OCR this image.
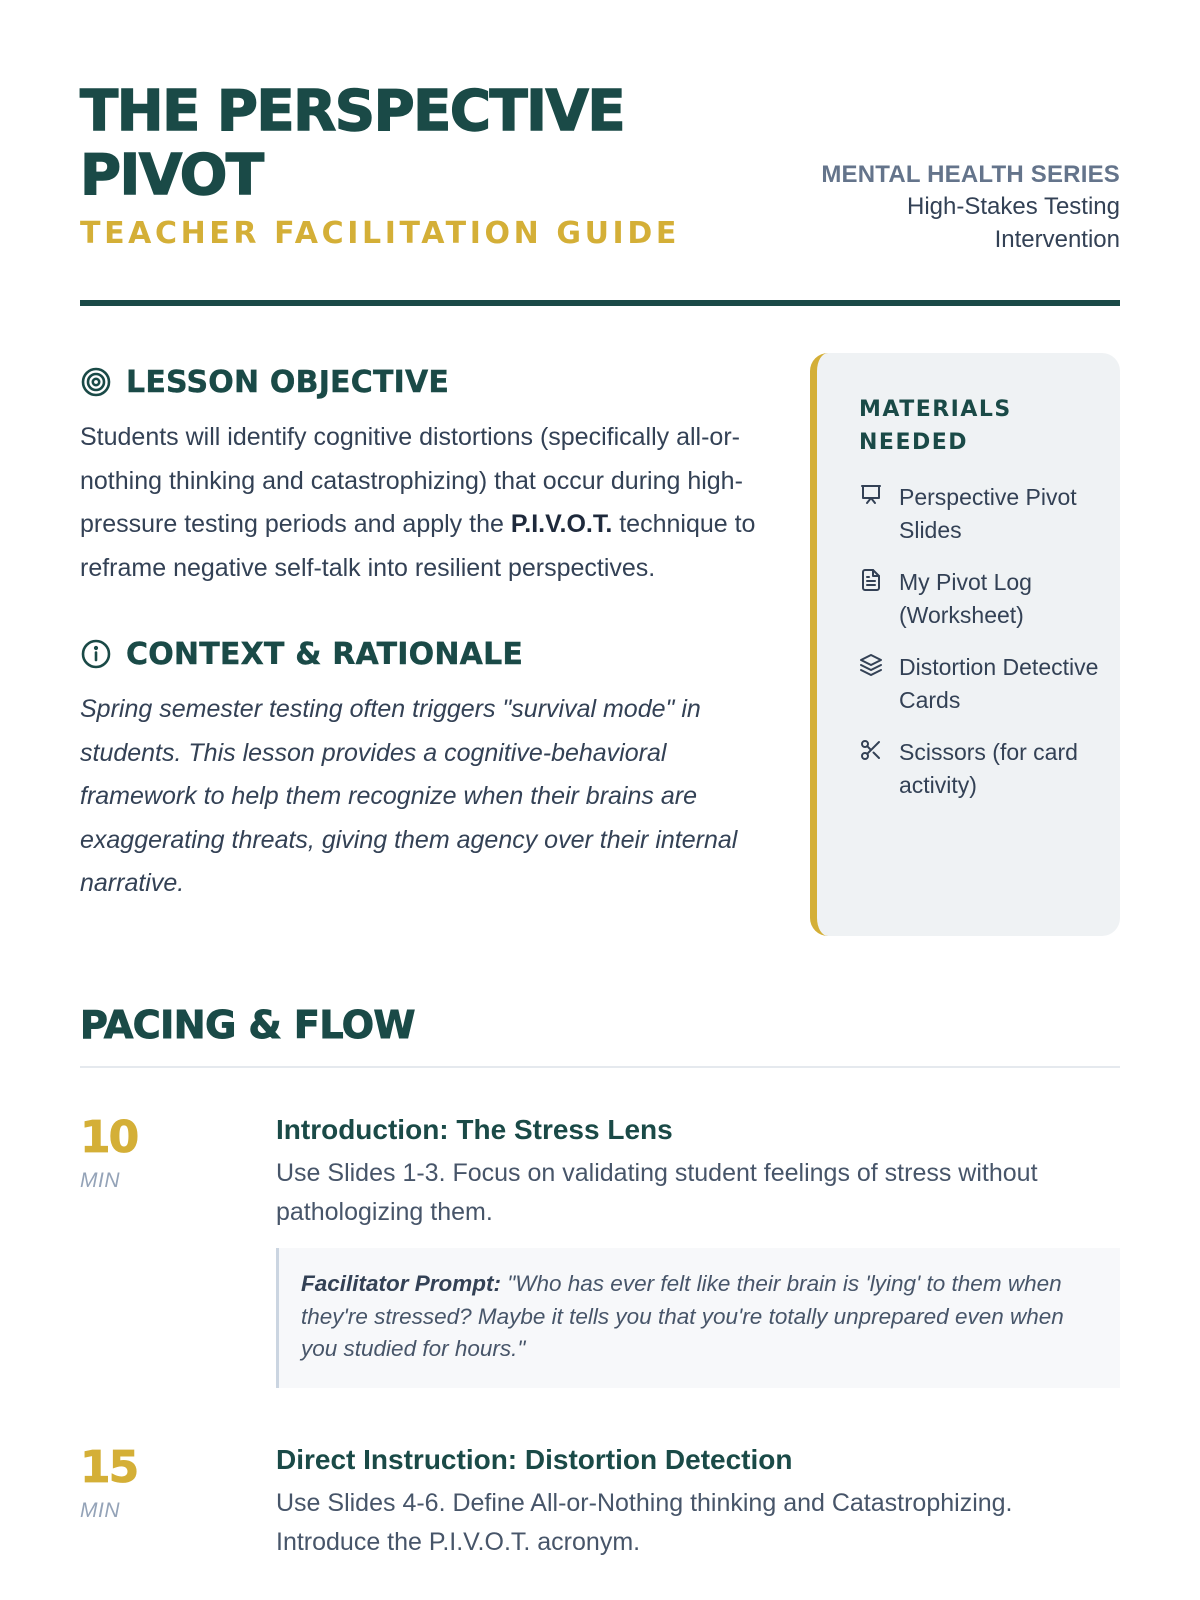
THE PERSPECTIVE PIVOT
TEACHER FACILITATION GUIDE
MENTAL HEALTH SERIES
High-Stakes Testing
Intervention
LESSON OBJECTIVE

Students will identify cognitive distortions (specifically all-or-nothing thinking and catastrophizing) that occur during high-pressure testing periods and apply the P.I.V.O.T. technique to reframe negative self-talk into resilient perspectives.

CONTEXT & RATIONALE

Spring semester testing often triggers "survival mode" in students. This lesson provides a cognitive-behavioral framework to help them recognize when their brains are exaggerating threats, giving them agency over their internal narrative.

MATERIALS NEEDED
Perspective Pivot Slides
My Pivot Log (Worksheet)
Distortion Detective Cards
Scissors (for card activity)
PACING & FLOW
10
MIN
Introduction: The Stress Lens

Use Slides 1-3. Focus on validating student feelings of stress without pathologizing them.

Facilitator Prompt: "Who has ever felt like their brain is 'lying' to them when they're stressed? Maybe it tells you that you're totally unprepared even when you studied for hours."
15
MIN
Direct Instruction: Distortion Detection

Use Slides 4-6. Define All-or-Nothing thinking and Catastrophizing. Introduce the P.I.V.O.T. acronym.
